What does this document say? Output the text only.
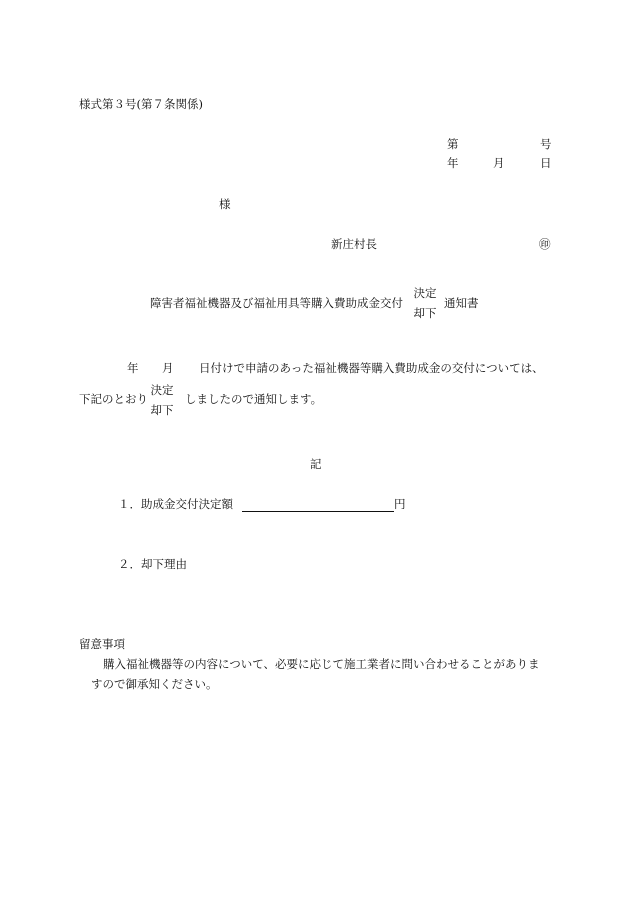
様式第３号(第７条関係)
第	号
年	月	日
様
新庄村長	㊞
障害者福祉機器及び福祉用具等購入費助成金交付
決定
却下
通知書
年 月 日付けで申請のあった福祉機器等購入費助成金の交付については、
下記のとおり
決定
却下
しましたので通知します。
記
１．助成金交付決定額	円
２．却下理由
留意事項
購入福祉機器等の内容について、必要に応じて施工業者に問い合わせることがありま
すので御承知ください。
